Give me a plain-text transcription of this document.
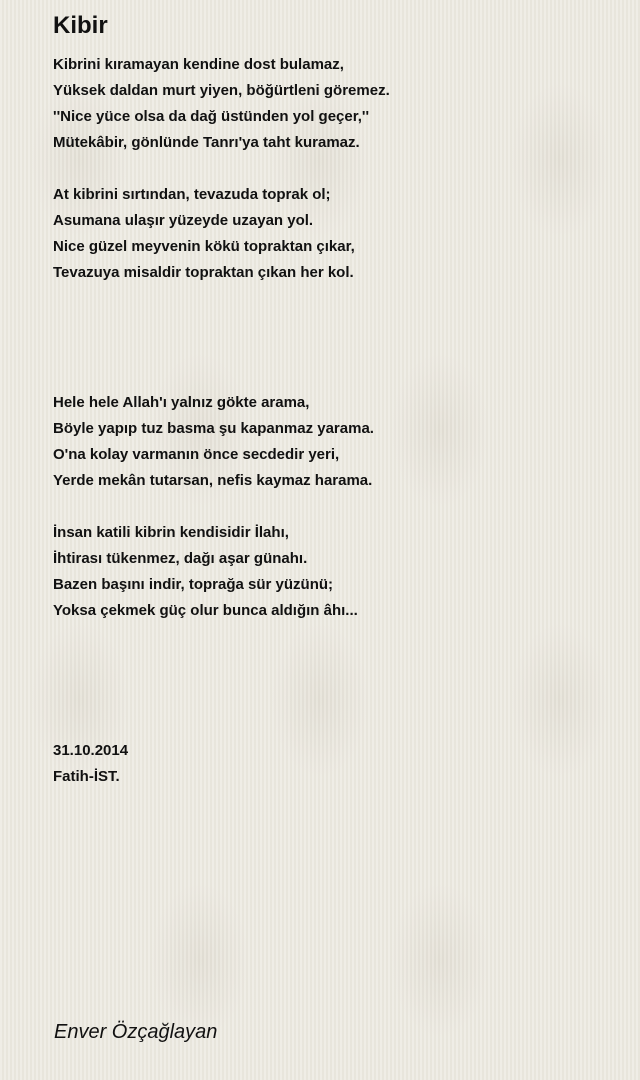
Kibir
Kibrini kıramayan kendine dost bulamaz,
Yüksek daldan murt yiyen, böğürtleni göremez.
''Nice yüce olsa da dağ üstünden yol geçer,''
Mütekâbir, gönlünde Tanrı'ya taht kuramaz.
At kibrini sırtından, tevazuda toprak ol;
Asumana ulaşır yüzeyde uzayan yol.
Nice güzel meyvenin kökü topraktan çıkar,
Tevazuya misaldir topraktan çıkan her kol.
Hele hele Allah'ı yalnız gökte arama,
Böyle yapıp tuz basma şu kapanmaz yarama.
O'na kolay varmanın önce secdedir yeri,
Yerde mekân tutarsan, nefis kaymaz harama.
İnsan katili kibrin kendisidir İlahı,
İhtirası tükenmez, dağı aşar günahı.
Bazen başını indir, toprağa sür yüzünü;
Yoksa çekmek güç olur bunca aldığın âhı...
31.10.2014
Fatih-İST.
Enver Özçağlayan
